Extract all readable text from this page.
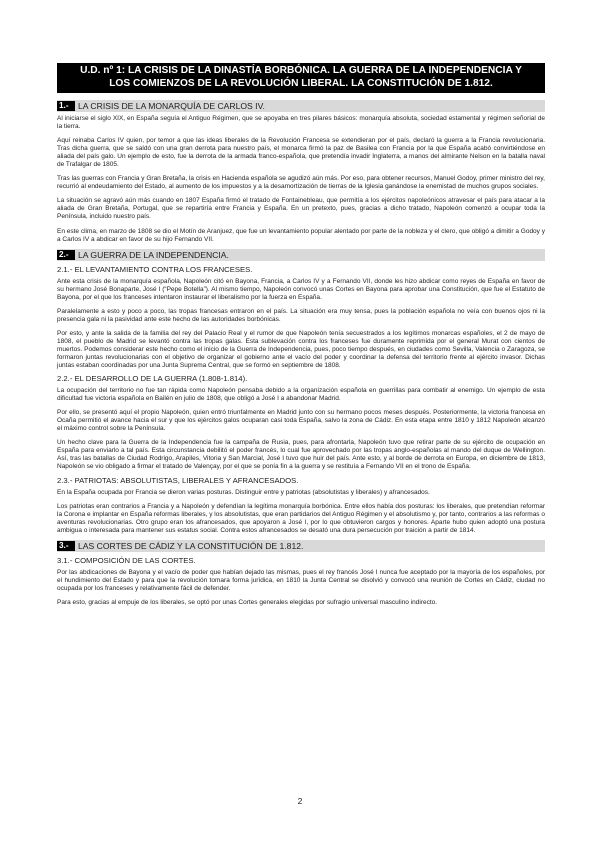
U.D. nº 1: LA CRISIS DE LA DINASTÍA BORBÓNICA. LA GUERRA DE LA INDEPENDENCIA Y
LOS COMIENZOS DE LA REVOLUCIÓN LIBERAL. LA CONSTITUCIÓN DE 1.812.
1.-	LA CRISIS DE LA MONARQUÍA DE CARLOS IV.

Al iniciarse el siglo XIX, en España seguía el Antiguo Régimen, que se apoyaba en tres pilares básicos: monarquía absoluta, sociedad estamental y régimen señorial de la tierra.

Aquí reinaba Carlos IV quien, por temor a que las ideas liberales de la Revolución Francesa se extendieran por el país, declaró la guerra a la Francia revolucionaria. Tras dicha guerra, que se saldó con una gran derrota para nuestro país, el monarca firmó la paz de Basilea con Francia por la que España acabó convirtiéndose en aliada del país galo. Un ejemplo de esto, fue la derrota de la armada franco-española, que pretendía invadir Inglaterra, a manos del almirante Nelson en la batalla naval de Trafalgar de 1805.

Tras las guerras con Francia y Gran Bretaña, la crisis en Hacienda española se agudizó aún más. Por eso, para obtener recursos, Manuel Godoy, primer ministro del rey, recurrió al endeudamiento del Estado, al aumento de los impuestos y a la desamortización de tierras de la Iglesia ganándose la enemistad de muchos grupos sociales.

La situación se agravó aún más cuando en 1807 España firmó el tratado de Fontainebleau, que permitía a los ejércitos napoleónicos atravesar el país para atacar a la aliada de Gran Bretaña, Portugal, que se repartiría entre Francia y España. En un pretexto, pues, gracias a dicho tratado, Napoleón comenzó a ocupar toda la Península, incluido nuestro país.

En este clima, en marzo de 1808 se dio el Motín de Aranjuez, que fue un levantamiento popular alentado por parte de la nobleza y el clero, que obligó a dimitir a Godoy y a Carlos IV a abdicar en favor de su hijo Fernando VII.

2.-	LA GUERRA DE LA INDEPENDENCIA.
2.1.- EL LEVANTAMIENTO CONTRA LOS FRANCESES.

Ante esta crisis de la monarquía española, Napoleón citó en Bayona, Francia, a Carlos IV y a Fernando VII, donde les hizo abdicar como reyes de España en favor de su hermano José Bonaparte, José I (“Pepe Botella”). Al mismo tiempo, Napoleón convocó unas Cortes en Bayona para aprobar una Constitución, que fue el Estatuto de Bayona, por el que los franceses intentaron instaurar el liberalismo por la fuerza en España.

Paralelamente a esto y poco a poco, las tropas francesas entraron en el país. La situación era muy tensa, pues la población española no veía con buenos ojos ni la presencia gala ni la pasividad ante este hecho de las autoridades borbónicas.

Por esto, y ante la salida de la familia del rey del Palacio Real y el rumor de que Napoleón tenía secuestrados a los legítimos monarcas españoles, el 2 de mayo de 1808, el pueblo de Madrid se levantó contra las tropas galas. Esta sublevación contra los franceses fue duramente reprimida por el general Murat con cientos de muertos. Podemos considerar este hecho como el inicio de la Guerra de Independencia, pues, poco tiempo después, en ciudades como Sevilla, Valencia o Zaragoza, se formaron juntas revolucionarias con el objetivo de organizar el gobierno ante el vacío del poder y coordinar la defensa del territorio frente al ejército invasor. Dichas juntas estaban coordinadas por una Junta Suprema Central, que se formó en septiembre de 1808.

2.2.- EL DESARROLLO DE LA GUERRA (1.808-1.814).

La ocupación del territorio no fue tan rápida como Napoleón pensaba debido a la organización española en guerrillas para combatir al enemigo. Un ejemplo de esta dificultad fue victoria española en Bailén en julio de 1808, que obligó a José I a abandonar Madrid.

Por ello, se presentó aquí el propio Napoleón, quien entró triunfalmente en Madrid junto con su hermano pocos meses después. Posteriormente, la victoria francesa en Ocaña permitió el avance hacia el sur y que los ejércitos galos ocuparan casi toda España, salvo la zona de Cádiz. En esta etapa entre 1810 y 1812 Napoleón alcanzó el máximo control sobre la Península.

Un hecho clave para la Guerra de la Independencia fue la campaña de Rusia, pues, para afrontarla, Napoleón tuvo que retirar parte de su ejército de ocupación en España para enviarlo a tal país. Esta circunstancia debilitó el poder francés, lo cual fue aprovechado por las tropas anglo-españolas al mando del duque de Wellington. Así, tras las batallas de Ciudad Rodrigo, Arapiles, Vitoria y San Marcial, José I tuvo que huir del país. Ante esto, y al borde de derrota en Europa, en diciembre de 1813, Napoleón se vio obligado a firmar el tratado de Valençay, por el que se ponía fin a la guerra y se restituía a Fernando VII en el trono de España.

2.3.- PATRIOTAS: ABSOLUTISTAS, LIBERALES Y AFRANCESADOS.

En la España ocupada por Francia se dieron varias posturas. Distinguir entre y patriotas (absolutistas y liberales) y afrancesados.

Los patriotas eran contrarios a Francia y a Napoleón y defendían la legítima monarquía borbónica. Entre ellos había dos posturas: los liberales, que pretendían reformar la Corona e implantar en España reformas liberales, y los absolutistas, que eran partidarios del Antiguo Régimen y el absolutismo y, por tanto, contrarios a las reformas o aventuras revolucionarias. Otro grupo eran los afrancesados, que apoyaron a José I, por lo que obtuvieron cargos y honores. Aparte hubo quien adoptó una postura ambigua o interesada para mantener sus estatus social. Contra estos afrancesados se desató una dura persecución por traición a partir de 1814.

3.-	LAS CORTES DE CÁDIZ Y LA CONSTITUCIÓN DE 1.812.
3.1.- COMPOSICIÓN DE LAS CORTES.

Por las abdicaciones de Bayona y el vacío de poder que habían dejado las mismas, pues el rey francés José I nunca fue aceptado por la mayoría de los españoles, por el hundimiento del Estado y para que la revolución tomara forma jurídica, en 1810 la Junta Central se disolvió y convocó una reunión de Cortes en Cádiz, ciudad no ocupada por los franceses y relativamente fácil de defender.

Para esto, gracias al empuje de los liberales, se optó por unas Cortes generales elegidas por sufragio universal masculino indirecto.

2
